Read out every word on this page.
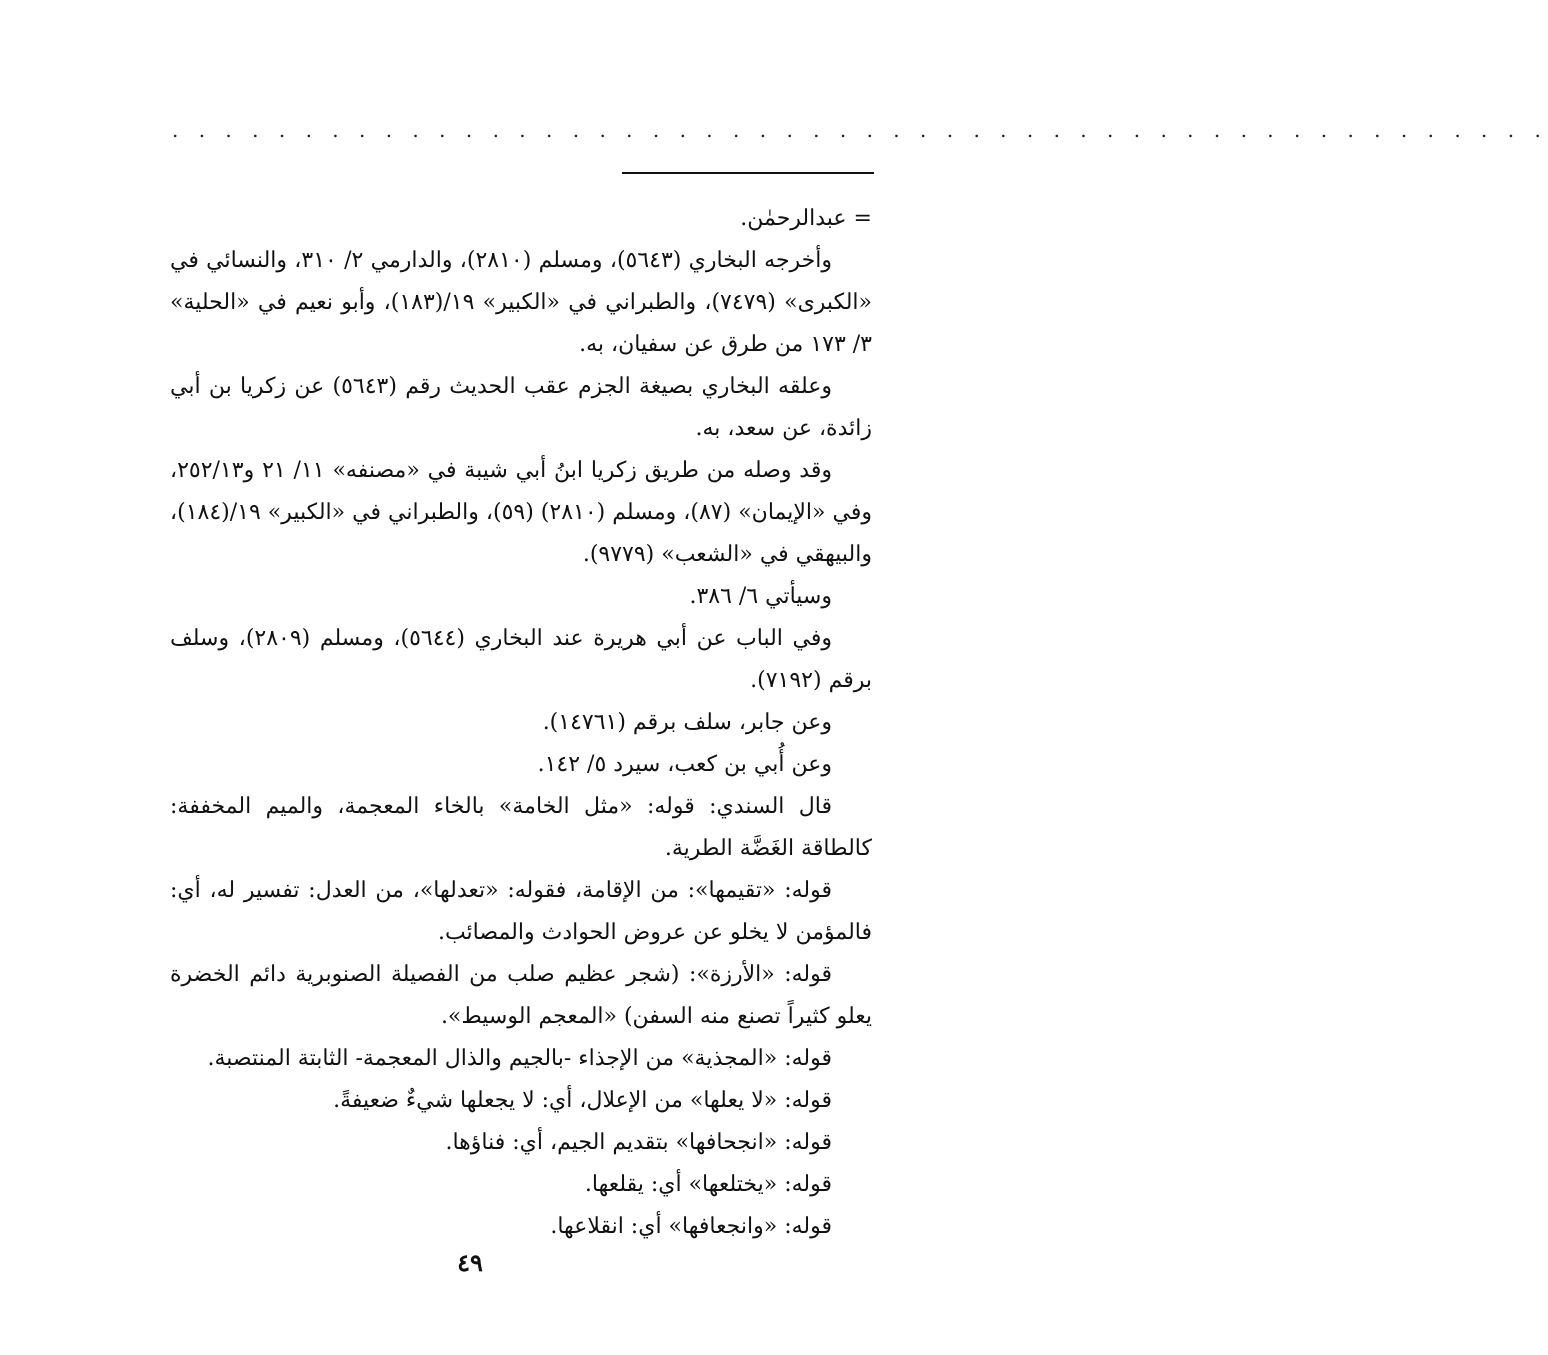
. . . . . . . . . . . . . . . . . . . . . . . . . . . . . . . . . . . . . . . . . . . . . . . . . . . .

= عبدالرحمٰن.

وأخرجه البخاري (٥٦٤٣)، ومسلم (٢٨١٠)، والدارمي ٢/ ٣١٠، والنسائي في «الكبرى» (٧٤٧٩)، والطبراني في «الكبير» ١٩/(١٨٣)، وأبو نعيم في «الحلية» ٣/ ١٧٣ من طرق عن سفيان، به.

وعلقه البخاري بصيغة الجزم عقب الحديث رقم (٥٦٤٣) عن زكريا بن أبي زائدة، عن سعد، به.

وقد وصله من طريق زكريا ابنُ أبي شيبة في «مصنفه» ١١/ ٢١ و٢٥٢/١٣، وفي «الإيمان» (٨٧)، ومسلم (٢٨١٠) (٥٩)، والطبراني في «الكبير» ١٩/(١٨٤)، والبيهقي في «الشعب» (٩٧٧٩).

وسيأتي ٦/ ٣٨٦.

وفي الباب عن أبي هريرة عند البخاري (٥٦٤٤)، ومسلم (٢٨٠٩)، وسلف برقم (٧١٩٢).

وعن جابر، سلف برقم (١٤٧٦١).

وعن أُبي بن كعب، سيرد ٥/ ١٤٢.

قال السندي: قوله: «مثل الخامة» بالخاء المعجمة، والميم المخففة: كالطاقة الغَضَّة الطرية.

قوله: «تقيمها»: من الإقامة، فقوله: «تعدلها»، من العدل: تفسير له، أي: فالمؤمن لا يخلو عن عروض الحوادث والمصائب.

قوله: «الأرزة»: (شجر عظيم صلب من الفصيلة الصنوبرية دائم الخضرة يعلو كثيراً تصنع منه السفن) «المعجم الوسيط».

قوله: «المجذية» من الإجذاء -بالجيم والذال المعجمة- الثابتة المنتصبة.

قوله: «لا يعلها» من الإعلال، أي: لا يجعلها شيءٌ ضعيفةً.

قوله: «انجحافها» بتقديم الجيم، أي: فناؤها.

قوله: «يختلعها» أي: يقلعها.

قوله: «وانجعافها» أي: انقلاعها.

٤٩
